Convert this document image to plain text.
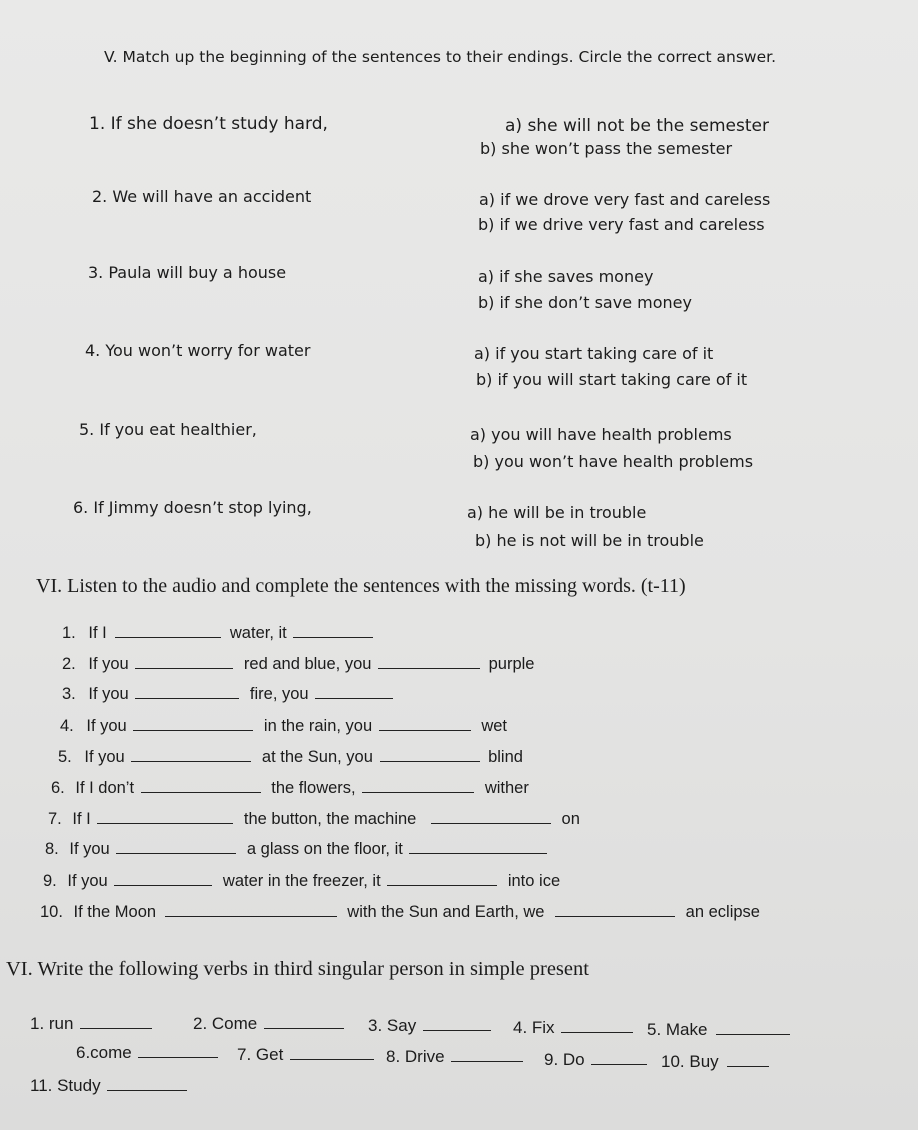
V. Match up the beginning of the sentences to their endings. Circle the correct answer.
1. If she doesn’t study hard,	a) she will not be the semester
b) she won’t pass the semester
2. We will have an accident	a) if we drove very fast and careless
b) if we drive very fast and careless
3. Paula will buy a house	a) if she saves money
b) if she don’t save money
4. You won’t worry for water	a) if you start taking care of it
b) if you will start taking care of it
5. If you eat healthier,	a) you will have health problems
b) you won’t have health problems
6. If Jimmy doesn’t stop lying,	a) he will be in trouble
b) he is not will be in trouble
VI. Listen to the audio and complete the sentences with the missing words. (t-11)
1. If I	water, it
2. If you	red and blue, you	purple
3. If you	fire, you
4. If you	in the rain, you	wet
5. If you	at the Sun, you	blind
6. If I don’t	the flowers,	wither
7. If I	the button, the machine	on
8. If you	a glass on the floor, it
9. If you	water in the freezer, it	into ice
10. If the Moon	with the Sun and Earth, we	an eclipse
VI. Write the following verbs in third singular person in simple present
1. run	2. Come	3. Say	4. Fix	5. Make
6.come	7. Get	8. Drive	9. Do	10. Buy
11. Study
